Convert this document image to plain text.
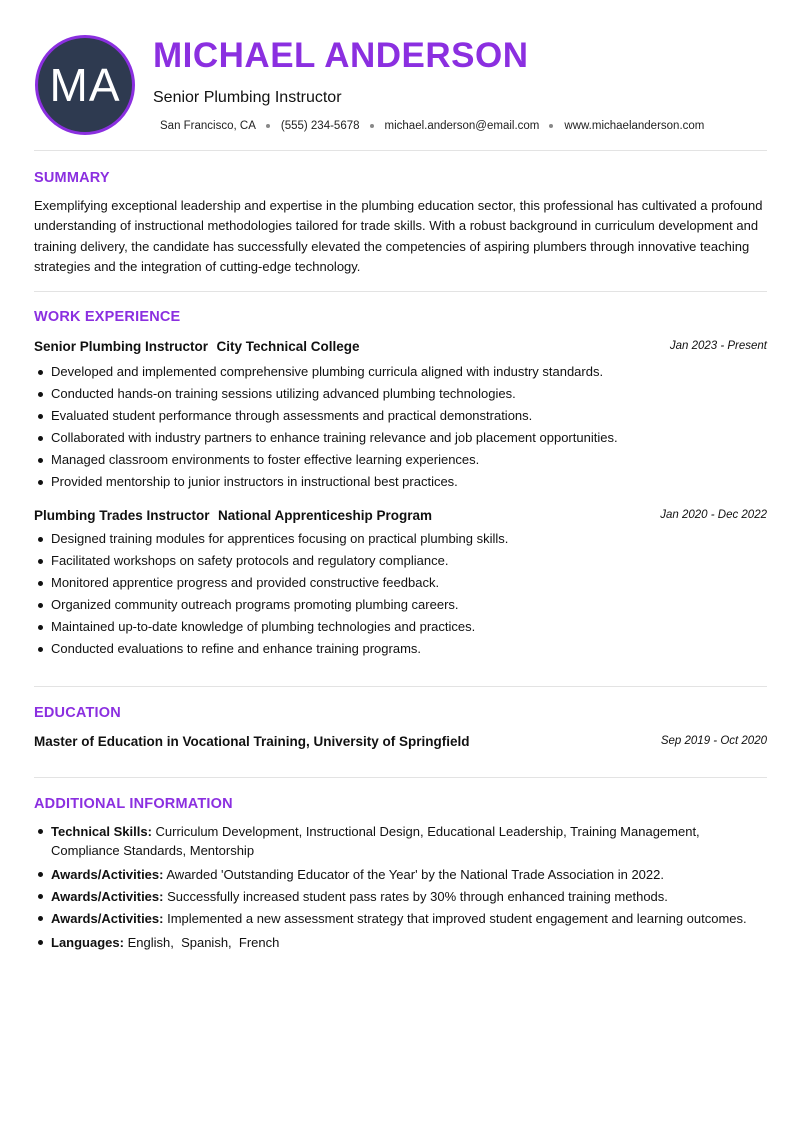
MA
MICHAEL ANDERSON
Senior Plumbing Instructor
San Francisco, CA (555) 234-5678 michael.anderson@email.com www.michaelanderson.com
SUMMARY

Exemplifying exceptional leadership and expertise in the plumbing education sector, this professional has cultivated a profound understanding of instructional methodologies tailored for trade skills. With a robust background in curriculum development and training delivery, the candidate has successfully elevated the competencies of aspiring plumbers through innovative teaching strategies and the integration of cutting-edge technology.

WORK EXPERIENCE
Senior Plumbing Instructor City Technical College	Jan 2023 - Present
Developed and implemented comprehensive plumbing curricula aligned with industry standards.
Conducted hands-on training sessions utilizing advanced plumbing technologies.
Evaluated student performance through assessments and practical demonstrations.
Collaborated with industry partners to enhance training relevance and job placement opportunities.
Managed classroom environments to foster effective learning experiences.
Provided mentorship to junior instructors in instructional best practices.
Plumbing Trades Instructor National Apprenticeship Program	Jan 2020 - Dec 2022
Designed training modules for apprentices focusing on practical plumbing skills.
Facilitated workshops on safety protocols and regulatory compliance.
Monitored apprentice progress and provided constructive feedback.
Organized community outreach programs promoting plumbing careers.
Maintained up-to-date knowledge of plumbing technologies and practices.
Conducted evaluations to refine and enhance training programs.
EDUCATION
Master of Education in Vocational Training, University of Springfield	Sep 2019 - Oct 2020
ADDITIONAL INFORMATION
Technical Skills: Curriculum Development, Instructional Design, Educational Leadership, Training Management, Compliance Standards, Mentorship
Awards/Activities: Awarded 'Outstanding Educator of the Year' by the National Trade Association in 2022.
Awards/Activities: Successfully increased student pass rates by 30% through enhanced training methods.
Awards/Activities: Implemented a new assessment strategy that improved student engagement and learning outcomes.
Languages: English,  Spanish,  French
